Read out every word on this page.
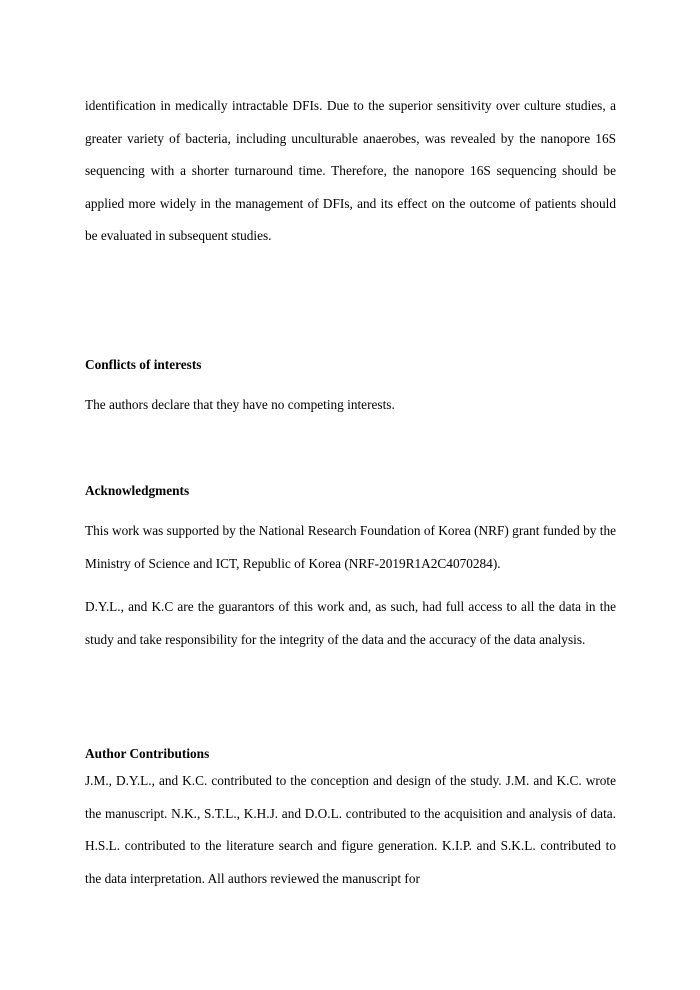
identification in medically intractable DFIs. Due to the superior sensitivity over culture studies, a greater variety of bacteria, including unculturable anaerobes, was revealed by the nanopore 16S sequencing with a shorter turnaround time. Therefore, the nanopore 16S sequencing should be applied more widely in the management of DFIs, and its effect on the outcome of patients should be evaluated in subsequent studies.

Conflicts of interests

The authors declare that they have no competing interests.

Acknowledgments

This work was supported by the National Research Foundation of Korea (NRF) grant funded by the Ministry of Science and ICT, Republic of Korea (NRF-2019R1A2C4070284).

D.Y.L., and K.C are the guarantors of this work and, as such, had full access to all the data in the study and take responsibility for the integrity of the data and the accuracy of the data analysis.

Author Contributions

J.M., D.Y.L., and K.C. contributed to the conception and design of the study. J.M. and K.C. wrote the manuscript. N.K., S.T.L., K.H.J. and D.O.L. contributed to the acquisition and analysis of data. H.S.L. contributed to the literature search and figure generation. K.I.P. and S.K.L. contributed to the data interpretation. All authors reviewed the manuscript for
